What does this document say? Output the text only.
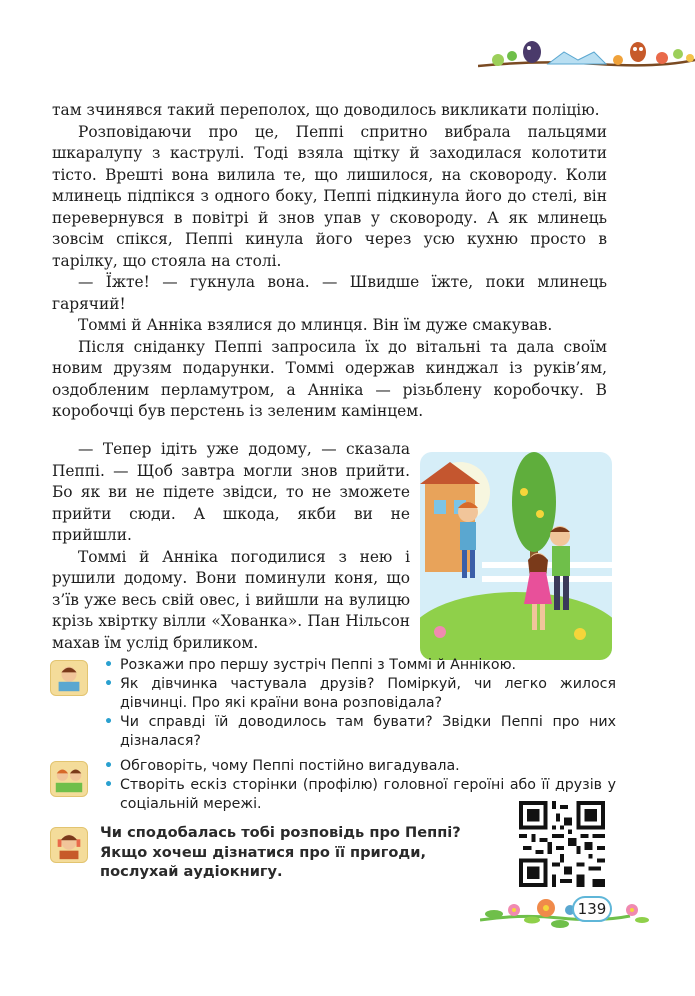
там зчинявся такий переполох, що доводилось викликати поліцію.

Розповідаючи про це, Пеппі спритно вибрала пальцями шкаралупу з каструлі. Тоді взяла щітку й заходилася колотити тісто. Врешті вона вилила те, що лишилося, на сковороду. Коли млинець підпікся з одного боку, Пеппі підкинула його до стелі, він перевернувся в повітрі й знов упав у сковороду. А як млинець зовсім спікся, Пеппі кинула його через усю кухню просто в тарілку, що стояла на столі.

— Їжте! — гукнула вона. — Швидше їжте, поки млинець гарячий!

Томмі й Анніка взялися до млинця. Він їм дуже смакував.

Після сніданку Пеппі запросила їх до вітальні та дала своїм новим друзям подарунки. Томмі одержав кинджал із руків’ям, оздобленим перламутром, а Анніка — різьблену коробочку. В коробочці був перстень із зеленим камінцем.

— Тепер ідіть уже додому, — сказала Пеппі. — Щоб завтра могли знов прийти. Бо як ви не підете звідси, то не зможете прийти сюди. А шкода, якби ви не прийшли.

Томмі й Анніка погодилися з нею і рушили додому. Вони поминули коня, що з’їв уже весь свій овес, і вийшли на вулицю крізь хвіртку вілли «Хованка». Пан Нільсон махав їм услід бриликом.

• Розкажи про першу зустріч Пеппі з Томмі й Аннікою.
• Як дівчинка частувала друзів? Поміркуй, чи легко жилося дівчинці. Про які країни вона розповідала?
• Чи справді їй доводилось там бувати? Звідки Пеппі про них дізналася?
• Обговоріть, чому Пеппі постійно вигадувала.
• Створіть ескіз сторінки (профілю) головної героїні або її друзів у соціальній мережі.
Чи сподобалась тобі розповідь про Пеппі?
Якщо хочеш дізнатися про її пригоди,
послухай аудіокнигу.
139
